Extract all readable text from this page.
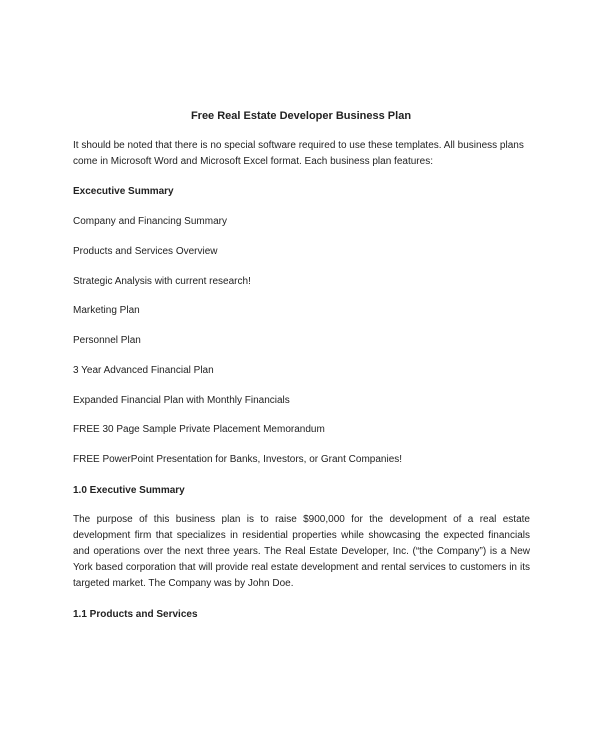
Free Real Estate Developer Business Plan
It should be noted that there is no special software required to use these templates. All business plans come in Microsoft Word and Microsoft Excel format. Each business plan features:
Excecutive Summary
Company and Financing Summary
Products and Services Overview
Strategic Analysis with current research!
Marketing Plan
Personnel Plan
3 Year Advanced Financial Plan
Expanded Financial Plan with Monthly Financials
FREE 30 Page Sample Private Placement Memorandum
FREE PowerPoint Presentation for Banks, Investors, or Grant Companies!
1.0 Executive Summary
The purpose of this business plan is to raise $900,000 for the development of a real estate development firm that specializes in residential properties while showcasing the expected financials and operations over the next three years. The Real Estate Developer, Inc. (“the Company”) is a New York based corporation that will provide real estate development and rental services to customers in its targeted market. The Company was by John Doe.
1.1 Products and Services
